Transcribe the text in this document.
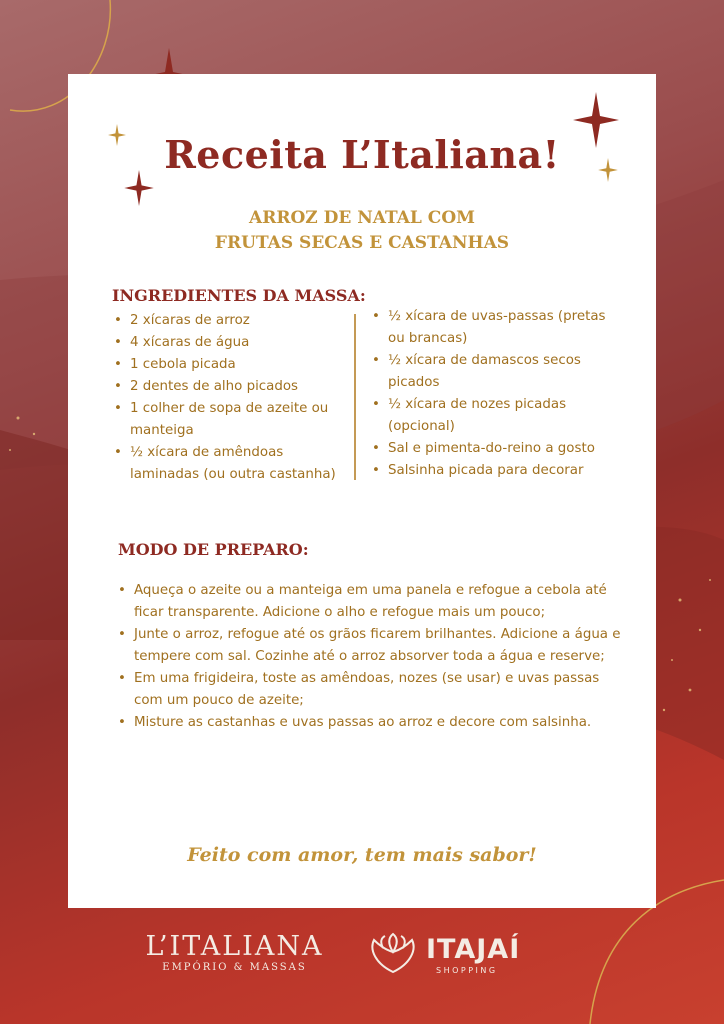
Receita L’Italiana!
ARROZ DE NATAL COM
FRUTAS SECAS E CASTANHAS
INGREDIENTES DA MASSA:
• 2 xícaras de arroz
• 4 xícaras de água
• 1 cebola picada
• 2 dentes de alho picados
• 1 colher de sopa de azeite ou manteiga
• ½ xícara de amêndoas laminadas (ou outra castanha)
• ½ xícara de uvas-passas (pretas ou brancas)
• ½ xícara de damascos secos picados
• ½ xícara de nozes picadas (opcional)
• Sal e pimenta-do-reino a gosto
• Salsinha picada para decorar
MODO DE PREPARO:
• Aqueça o azeite ou a manteiga em uma panela e refogue a cebola até ficar transparente. Adicione o alho e refogue mais um pouco;
• Junte o arroz, refogue até os grãos ficarem brilhantes. Adicione a água e tempere com sal. Cozinhe até o arroz absorver toda a água e reserve;
• Em uma frigideira, toste as amêndoas, nozes (se usar) e uvas passas com um pouco de azeite;
• Misture as castanhas e uvas passas ao arroz e decore com salsinha.
Feito com amor, tem mais sabor!
L’ITALIANA
EMPÓRIO & MASSAS
ITAJAÍ
SHOPPING
